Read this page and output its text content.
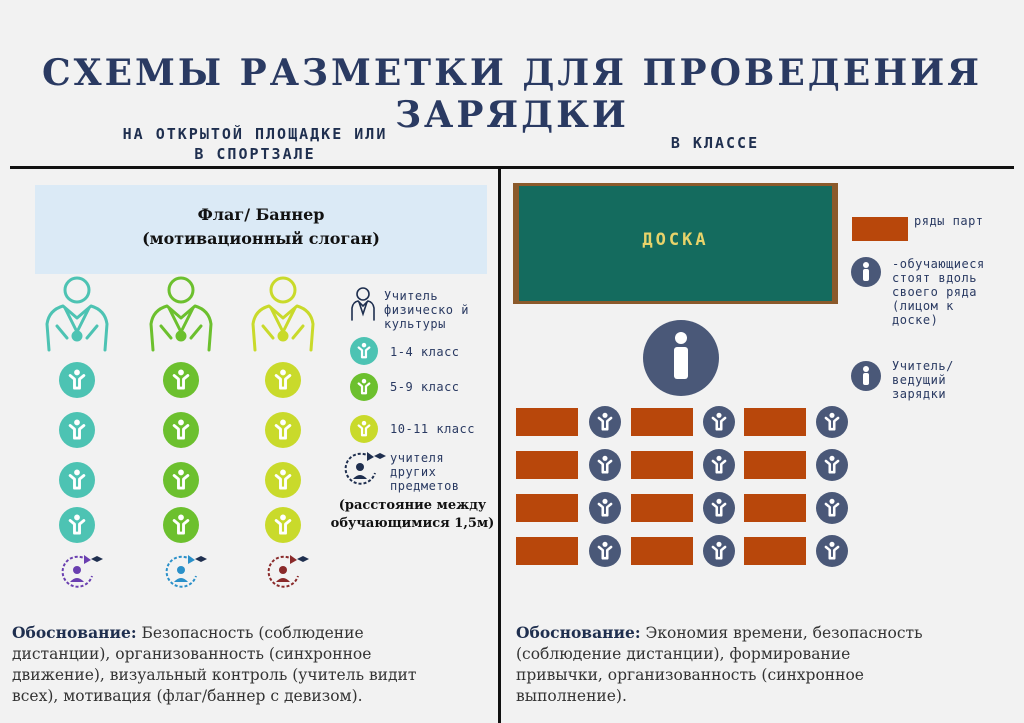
СХЕМЫ РАЗМЕТКИ ДЛЯ ПРОВЕДЕНИЯ ЗАРЯДКИ
НА ОТКРЫТОЙ ПЛОЩАДКЕ ИЛИ
В СПОРТЗАЛЕ
В КЛАССЕ
Флаг/ Баннер
(мотивационный слоган)
Учитель
физическо й
культуры
1-4 класс
5-9 класс
10-11 класс
учителя
других
предметов
(расстояние между
обучающимися 1,5м)
Обоснование: Безопасность (соблюдение
дистанции), организованность (синхронное
движение), визуальный контроль (учитель видит
всех), мотивация (флаг/баннер с девизом).
ДОСКА
ряды парт
-обучающиеся
стоят вдоль
своего ряда
(лицом к
доске)
Учитель/
ведущий
зарядки
Обоснование: Экономия времени, безопасность
(соблюдение дистанции), формирование
привычки, организованность (синхронное
выполнение).
